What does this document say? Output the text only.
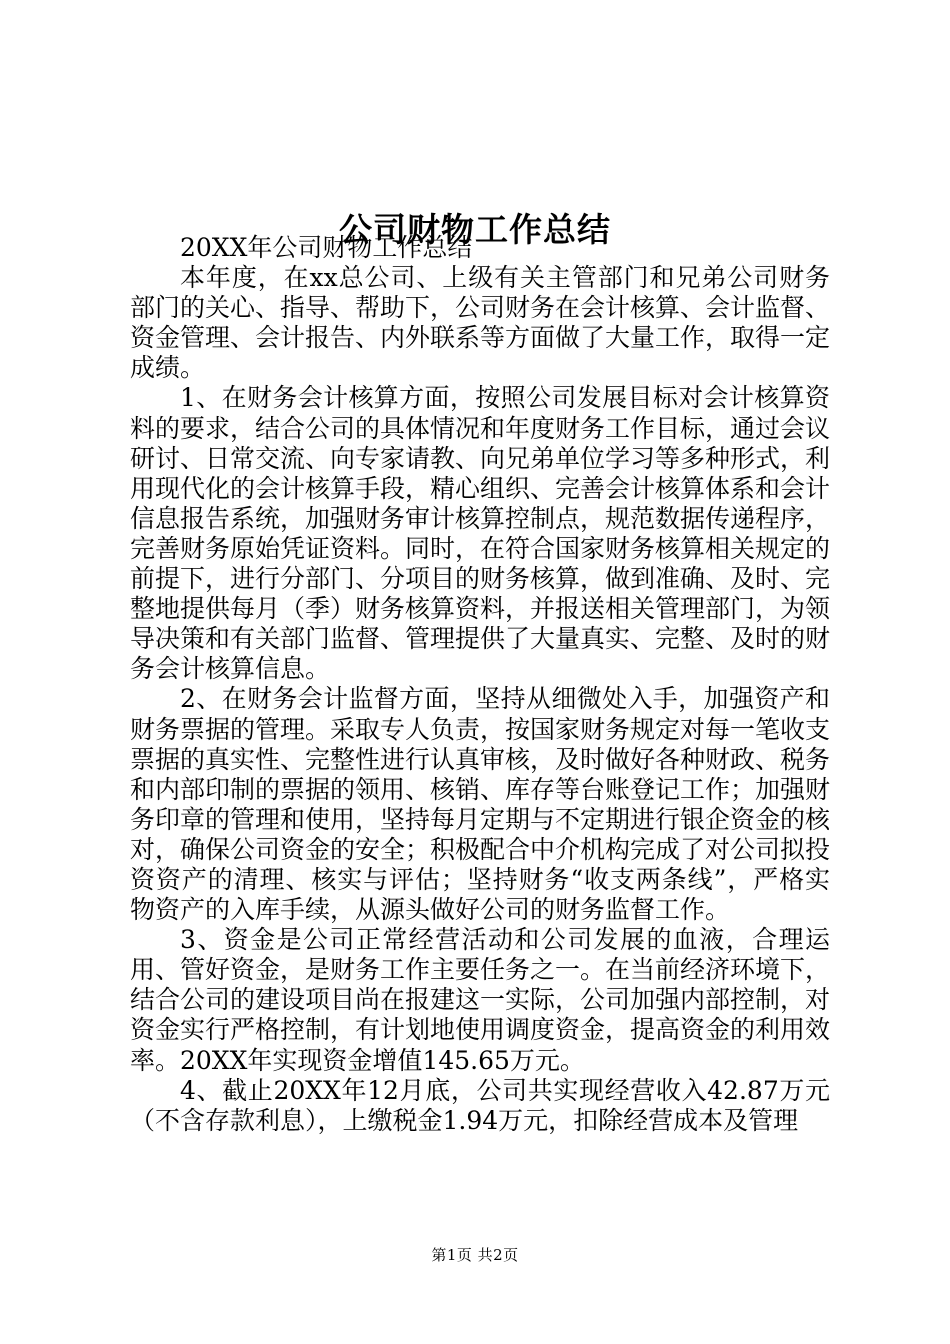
公司财物工作总结

20XX年公司财物工作总结

本年度，在xx总公司、上级有关主管部门和兄弟公司财务部门的关心、指导、帮助下，公司财务在会计核算、会计监督、资金管理、会计报告、内外联系等方面做了大量工作，取得一定成绩。

1、在财务会计核算方面，按照公司发展目标对会计核算资料的要求，结合公司的具体情况和年度财务工作目标，通过会议研讨、日常交流、向专家请教、向兄弟单位学习等多种形式，利用现代化的会计核算手段，精心组织、完善会计核算体系和会计信息报告系统，加强财务审计核算控制点，规范数据传递程序，完善财务原始凭证资料。同时，在符合国家财务核算相关规定的前提下，进行分部门、分项目的财务核算，做到准确、及时、完整地提供每月（季）财务核算资料，并报送相关管理部门，为领导决策和有关部门监督、管理提供了大量真实、完整、及时的财务会计核算信息。

2、在财务会计监督方面，坚持从细微处入手，加强资产和财务票据的管理。采取专人负责，按国家财务规定对每一笔收支票据的真实性、完整性进行认真审核，及时做好各种财政、税务和内部印制的票据的领用、核销、库存等台账登记工作；加强财务印章的管理和使用，坚持每月定期与不定期进行银企资金的核对，确保公司资金的安全；积极配合中介机构完成了对公司拟投资资产的清理、核实与评估；坚持财务“收支两条线”，严格实物资产的入库手续，从源头做好公司的财务监督工作。

3、资金是公司正常经营活动和公司发展的血液，合理运用、管好资金，是财务工作主要任务之一。在当前经济环境下，结合公司的建设项目尚在报建这一实际，公司加强内部控制，对资金实行严格控制，有计划地使用调度资金，提高资金的利用效率。20XX年实现资金增值145.65万元。

4、截止20XX年12月底，公司共实现经营收入42.87万元（不含存款利息），上缴税金1.94万元，扣除经营成本及管理

第1页 共2页
